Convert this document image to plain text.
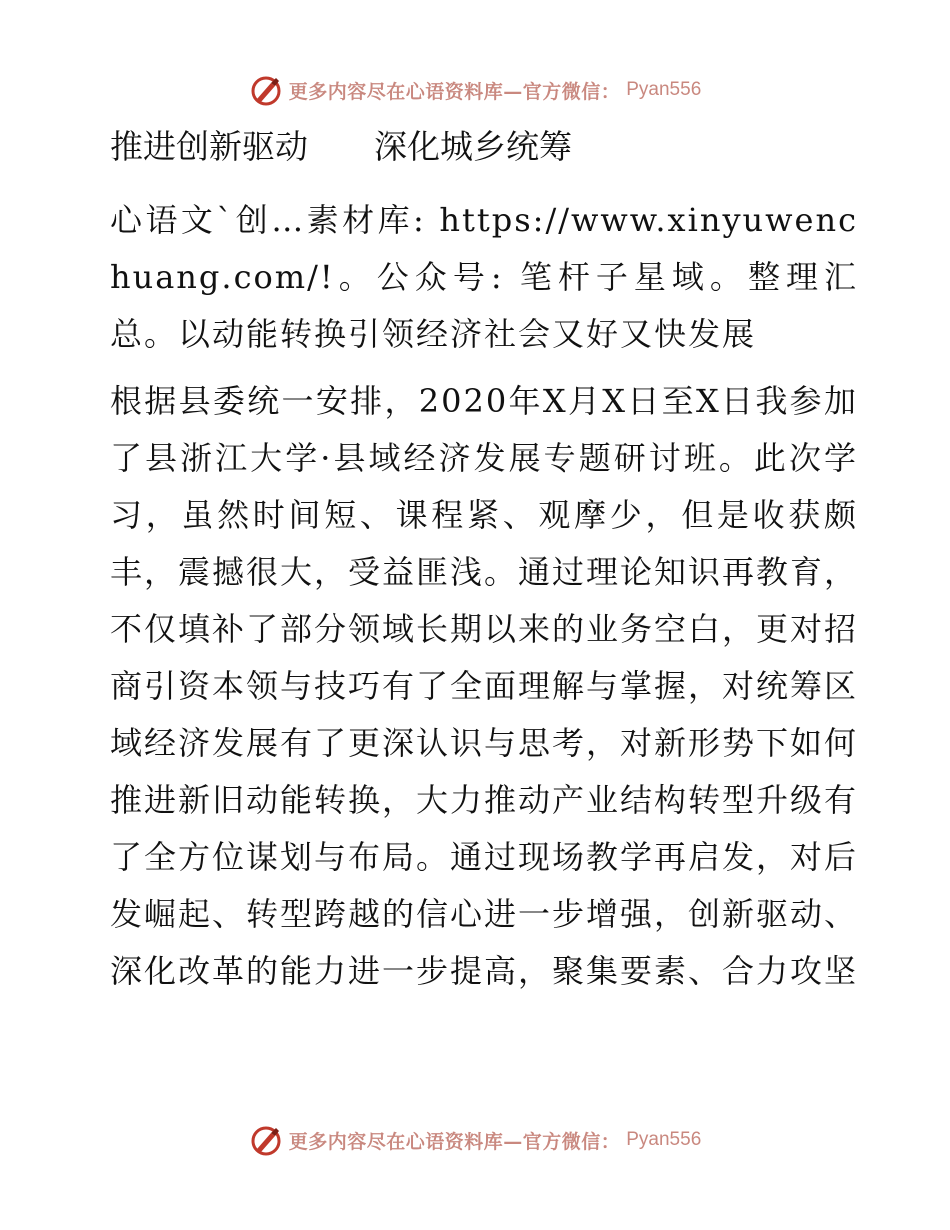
更多内容尽在心语资料库—官方微信： Pyan556
推进创新驱动　　深化城乡统筹

心语文`创…素材库: https://www.xinyuwenchuang.com/!。公众号: 笔杆子星域。整理汇总。以动能转换引领经济社会又好又快发展

根据县委统一安排，2020年X月X日至X日我参加了县浙江大学·县域经济发展专题研讨班。此次学习，虽然时间短、课程紧、观摩少，但是收获颇丰，震撼很大，受益匪浅。通过理论知识再教育，不仅填补了部分领域长期以来的业务空白，更对招商引资本领与技巧有了全面理解与掌握，对统筹区域经济发展有了更深认识与思考，对新形势下如何推进新旧动能转换，大力推动产业结构转型升级有了全方位谋划与布局。通过现场教学再启发，对后发崛起、转型跨越的信心进一步增强，创新驱动、深化改革的能力进一步提高，聚集要素、合力攻坚

更多内容尽在心语资料库—官方微信： Pyan556
